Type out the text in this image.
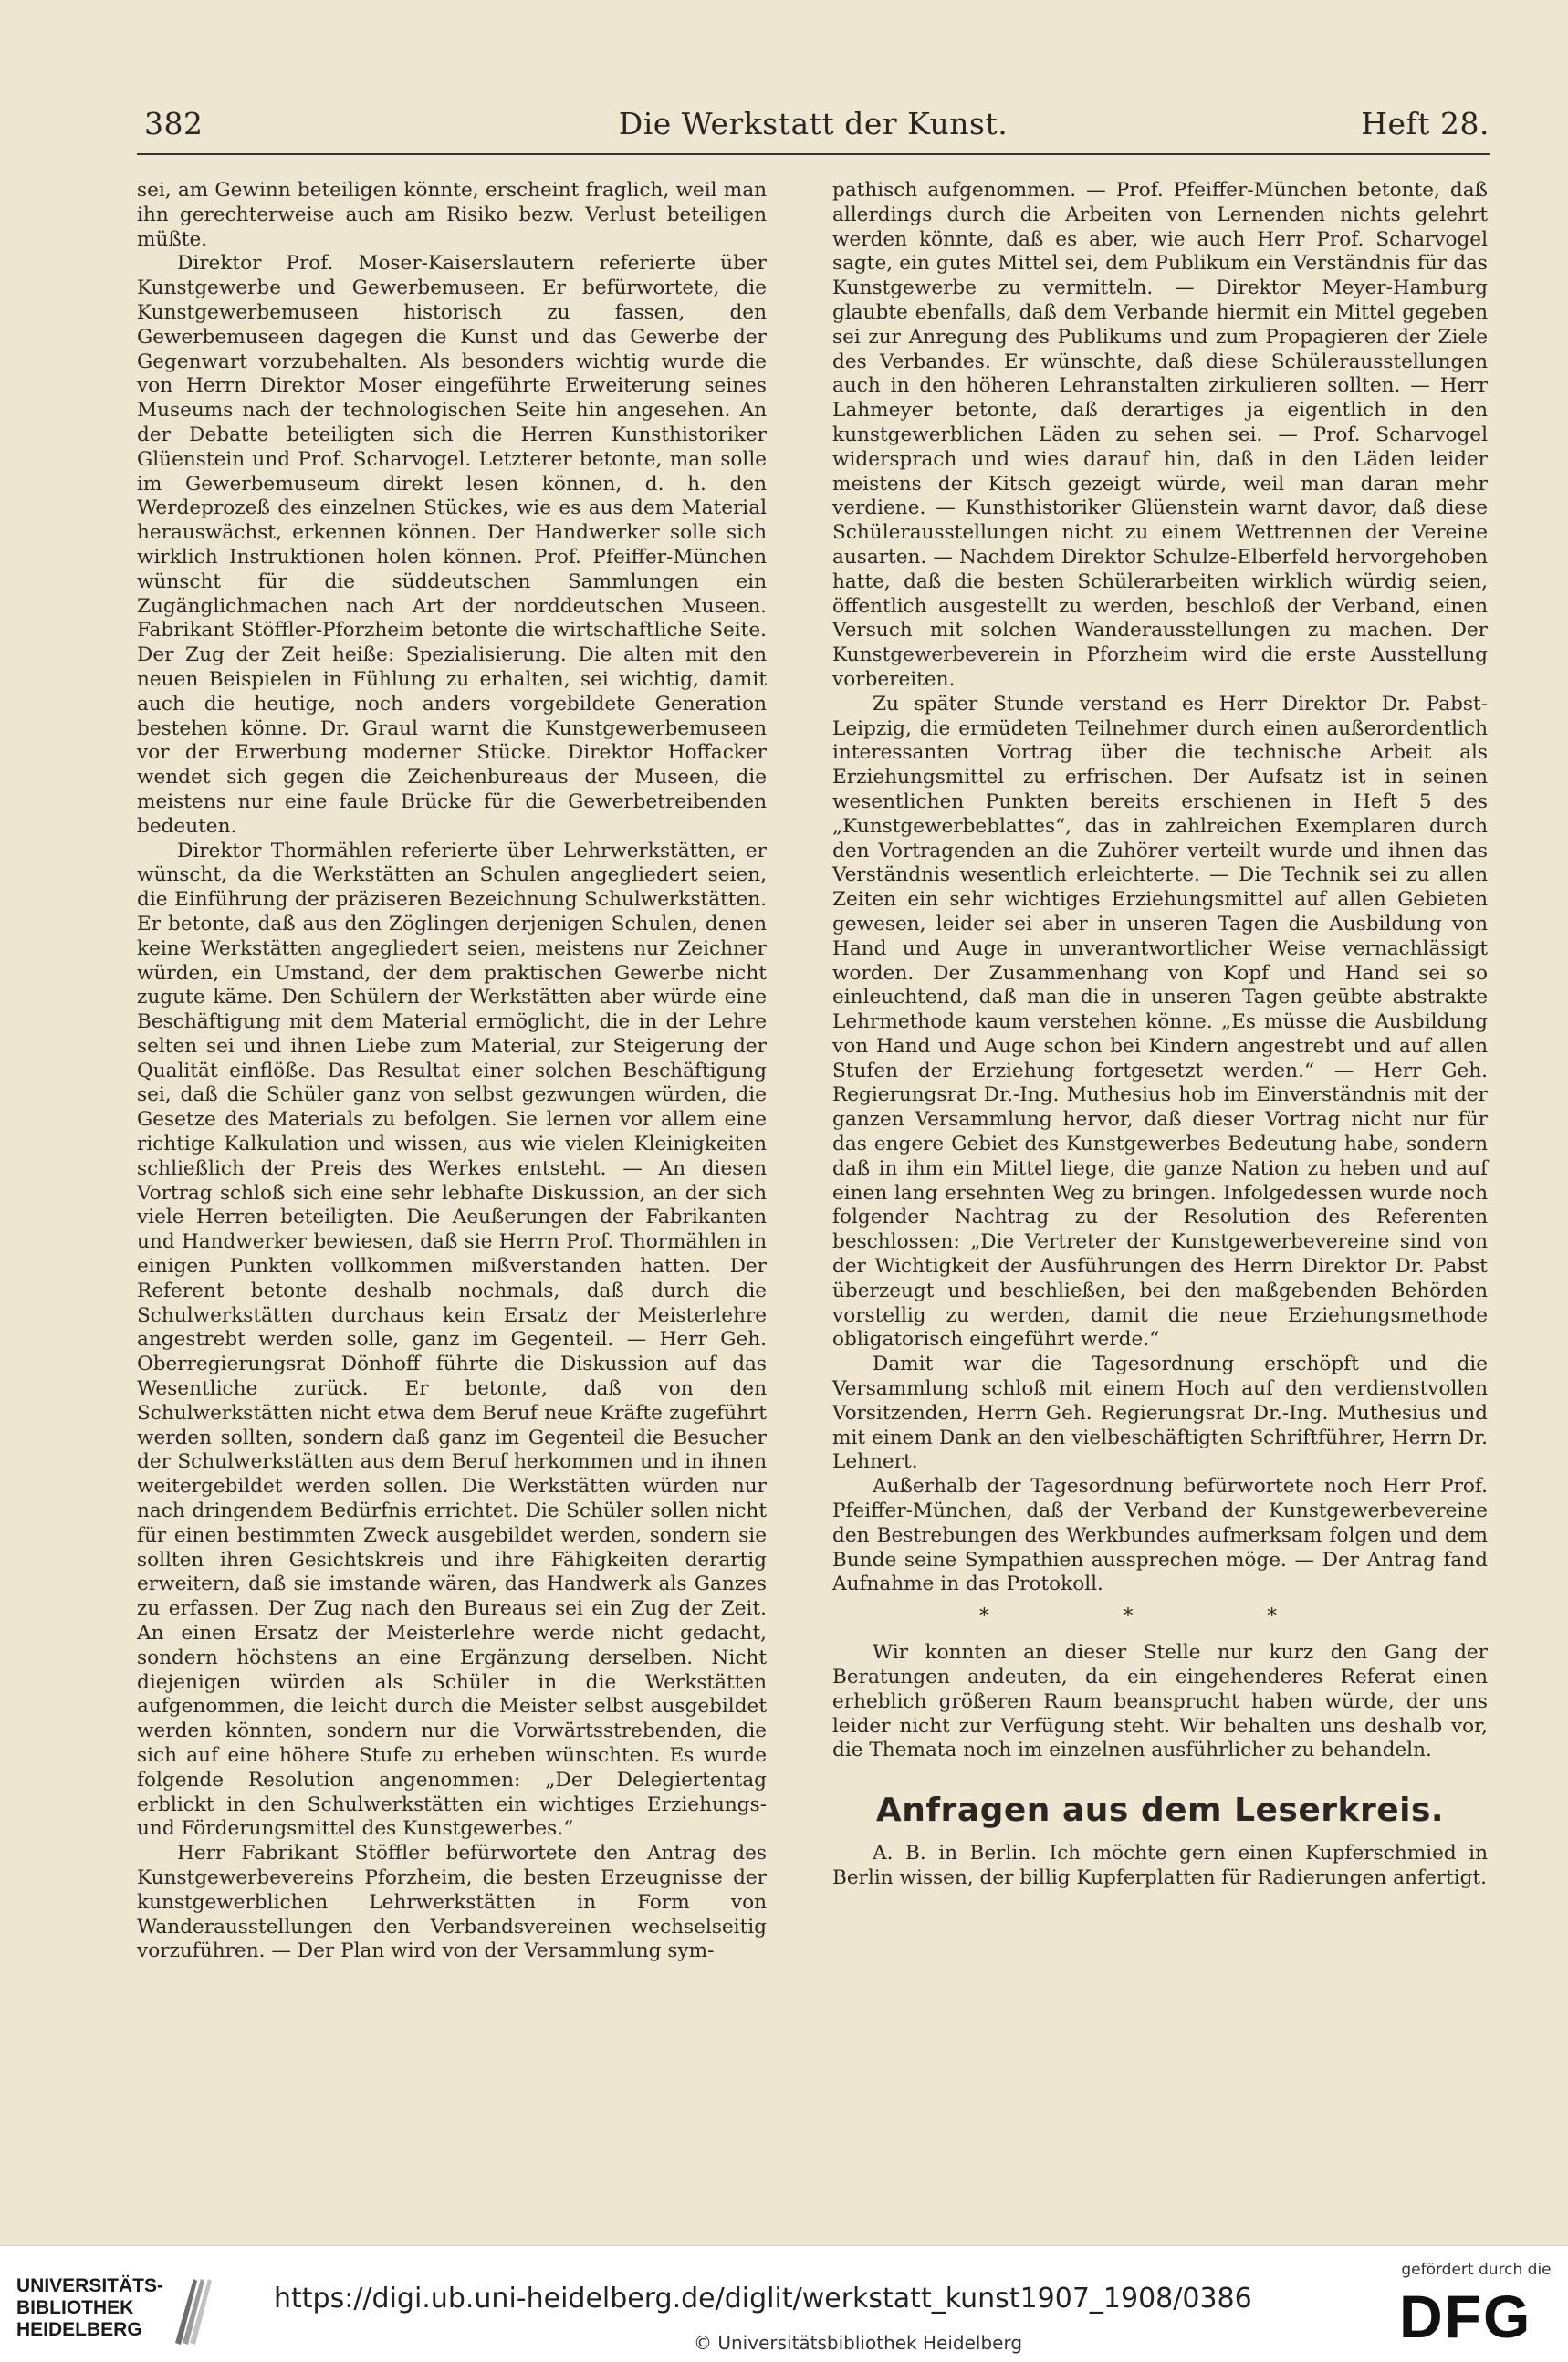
382	Die Werkstatt der Kunst.	Heft 28.

sei, am Gewinn beteiligen könnte, erscheint fraglich, weil man ihn gerechterweise auch am Risiko bezw. Verlust beteiligen müßte.

Direktor Prof. Moser-Kaiserslautern referierte über Kunstgewerbe und Gewerbemuseen. Er befürwortete, die Kunstgewerbemuseen historisch zu fassen, den Gewerbemuseen dagegen die Kunst und das Gewerbe der Gegenwart vorzubehalten. Als besonders wichtig wurde die von Herrn Direktor Moser eingeführte Erweiterung seines Museums nach der technologischen Seite hin angesehen. An der Debatte beteiligten sich die Herren Kunsthistoriker Glüenstein und Prof. Scharvogel. Letzterer betonte, man solle im Gewerbemuseum direkt lesen können, d. h. den Werdeprozeß des einzelnen Stückes, wie es aus dem Material herauswächst, erkennen können. Der Handwerker solle sich wirklich Instruktionen holen können. Prof. Pfeiffer-München wünscht für die süddeutschen Sammlungen ein Zugänglichmachen nach Art der norddeutschen Museen. Fabrikant Stöffler-Pforzheim betonte die wirtschaftliche Seite. Der Zug der Zeit heiße: Spezialisierung. Die alten mit den neuen Beispielen in Fühlung zu erhalten, sei wichtig, damit auch die heutige, noch anders vorgebildete Generation bestehen könne. Dr. Graul warnt die Kunstgewerbemuseen vor der Erwerbung moderner Stücke. Direktor Hoffacker wendet sich gegen die Zeichenbureaus der Museen, die meistens nur eine faule Brücke für die Gewerbetreibenden bedeuten.

Direktor Thormählen referierte über Lehrwerkstätten, er wünscht, da die Werkstätten an Schulen angegliedert seien, die Einführung der präziseren Bezeichnung Schulwerkstätten. Er betonte, daß aus den Zöglingen derjenigen Schulen, denen keine Werkstätten angegliedert seien, meistens nur Zeichner würden, ein Umstand, der dem praktischen Gewerbe nicht zugute käme. Den Schülern der Werkstätten aber würde eine Beschäftigung mit dem Material ermöglicht, die in der Lehre selten sei und ihnen Liebe zum Material, zur Steigerung der Qualität einflöße. Das Resultat einer solchen Beschäftigung sei, daß die Schüler ganz von selbst gezwungen würden, die Gesetze des Materials zu befolgen. Sie lernen vor allem eine richtige Kalkulation und wissen, aus wie vielen Kleinigkeiten schließlich der Preis des Werkes entsteht. — An diesen Vortrag schloß sich eine sehr lebhafte Diskussion, an der sich viele Herren beteiligten. Die Aeußerungen der Fabrikanten und Handwerker bewiesen, daß sie Herrn Prof. Thormählen in einigen Punkten vollkommen mißverstanden hatten. Der Referent betonte deshalb nochmals, daß durch die Schulwerkstätten durchaus kein Ersatz der Meisterlehre angestrebt werden solle, ganz im Gegenteil. — Herr Geh. Oberregierungsrat Dönhoff führte die Diskussion auf das Wesentliche zurück. Er betonte, daß von den Schulwerkstätten nicht etwa dem Beruf neue Kräfte zugeführt werden sollten, sondern daß ganz im Gegenteil die Besucher der Schulwerkstätten aus dem Beruf herkommen und in ihnen weitergebildet werden sollen. Die Werkstätten würden nur nach dringendem Bedürfnis errichtet. Die Schüler sollen nicht für einen bestimmten Zweck ausgebildet werden, sondern sie sollten ihren Gesichtskreis und ihre Fähigkeiten derartig erweitern, daß sie imstande wären, das Handwerk als Ganzes zu erfassen. Der Zug nach den Bureaus sei ein Zug der Zeit. An einen Ersatz der Meisterlehre werde nicht gedacht, sondern höchstens an eine Ergänzung derselben. Nicht diejenigen würden als Schüler in die Werkstätten aufgenommen, die leicht durch die Meister selbst ausgebildet werden könnten, sondern nur die Vorwärtsstrebenden, die sich auf eine höhere Stufe zu erheben wünschten. Es wurde folgende Resolution angenommen: „Der Delegiertentag erblickt in den Schulwerkstätten ein wichtiges Erziehungs- und Förderungsmittel des Kunstgewerbes.“

Herr Fabrikant Stöffler befürwortete den Antrag des Kunstgewerbevereins Pforzheim, die besten Erzeugnisse der kunstgewerblichen Lehrwerkstätten in Form von Wanderausstellungen den Verbandsvereinen wechselseitig vorzuführen. — Der Plan wird von der Versammlung sym-

pathisch aufgenommen. — Prof. Pfeiffer-München betonte, daß allerdings durch die Arbeiten von Lernenden nichts gelehrt werden könnte, daß es aber, wie auch Herr Prof. Scharvogel sagte, ein gutes Mittel sei, dem Publikum ein Verständnis für das Kunstgewerbe zu vermitteln. — Direktor Meyer-Hamburg glaubte ebenfalls, daß dem Verbande hiermit ein Mittel gegeben sei zur Anregung des Publikums und zum Propagieren der Ziele des Verbandes. Er wünschte, daß diese Schülerausstellungen auch in den höheren Lehranstalten zirkulieren sollten. — Herr Lahmeyer betonte, daß derartiges ja eigentlich in den kunstgewerblichen Läden zu sehen sei. — Prof. Scharvogel widersprach und wies darauf hin, daß in den Läden leider meistens der Kitsch gezeigt würde, weil man daran mehr verdiene. — Kunsthistoriker Glüenstein warnt davor, daß diese Schülerausstellungen nicht zu einem Wettrennen der Vereine ausarten. — Nachdem Direktor Schulze-Elberfeld hervorgehoben hatte, daß die besten Schülerarbeiten wirklich würdig seien, öffentlich ausgestellt zu werden, beschloß der Verband, einen Versuch mit solchen Wanderausstellungen zu machen. Der Kunstgewerbeverein in Pforzheim wird die erste Ausstellung vorbereiten.

Zu später Stunde verstand es Herr Direktor Dr. Pabst-Leipzig, die ermüdeten Teilnehmer durch einen außerordentlich interessanten Vortrag über die technische Arbeit als Erziehungsmittel zu erfrischen. Der Aufsatz ist in seinen wesentlichen Punkten bereits erschienen in Heft 5 des „Kunstgewerbeblattes“, das in zahlreichen Exemplaren durch den Vortragenden an die Zuhörer verteilt wurde und ihnen das Verständnis wesentlich erleichterte. — Die Technik sei zu allen Zeiten ein sehr wichtiges Erziehungsmittel auf allen Gebieten gewesen, leider sei aber in unseren Tagen die Ausbildung von Hand und Auge in unverantwortlicher Weise vernachlässigt worden. Der Zusammenhang von Kopf und Hand sei so einleuchtend, daß man die in unseren Tagen geübte abstrakte Lehrmethode kaum verstehen könne. „Es müsse die Ausbildung von Hand und Auge schon bei Kindern angestrebt und auf allen Stufen der Erziehung fortgesetzt werden.“ — Herr Geh. Regierungsrat Dr.-Ing. Muthesius hob im Einverständnis mit der ganzen Versammlung hervor, daß dieser Vortrag nicht nur für das engere Gebiet des Kunstgewerbes Bedeutung habe, sondern daß in ihm ein Mittel liege, die ganze Nation zu heben und auf einen lang ersehnten Weg zu bringen. Infolgedessen wurde noch folgender Nachtrag zu der Resolution des Referenten beschlossen: „Die Vertreter der Kunstgewerbevereine sind von der Wichtigkeit der Ausführungen des Herrn Direktor Dr. Pabst überzeugt und beschließen, bei den maßgebenden Behörden vorstellig zu werden, damit die neue Erziehungsmethode obligatorisch eingeführt werde.“

Damit war die Tagesordnung erschöpft und die Versammlung schloß mit einem Hoch auf den verdienstvollen Vorsitzenden, Herrn Geh. Regierungsrat Dr.-Ing. Muthesius und mit einem Dank an den vielbeschäftigten Schriftführer, Herrn Dr. Lehnert.

Außerhalb der Tagesordnung befürwortete noch Herr Prof. Pfeiffer-München, daß der Verband der Kunstgewerbevereine den Bestrebungen des Werkbundes aufmerksam folgen und dem Bunde seine Sympathien aussprechen möge. — Der Antrag fand Aufnahme in das Protokoll.

* * *

Wir konnten an dieser Stelle nur kurz den Gang der Beratungen andeuten, da ein eingehenderes Referat einen erheblich größeren Raum beansprucht haben würde, der uns leider nicht zur Verfügung steht. Wir behalten uns deshalb vor, die Themata noch im einzelnen ausführlicher zu behandeln.

Anfragen aus dem Leserkreis.

A. B. in Berlin. Ich möchte gern einen Kupferschmied in Berlin wissen, der billig Kupferplatten für Radierungen anfertigt.

UNIVERSITÄTS-
BIBLIOTHEK
HEIDELBERG
https://digi.ub.uni-heidelberg.de/diglit/werkstatt_kunst1907_1908/0386
© Universitätsbibliothek Heidelberg
gefördert durch die
DFG
